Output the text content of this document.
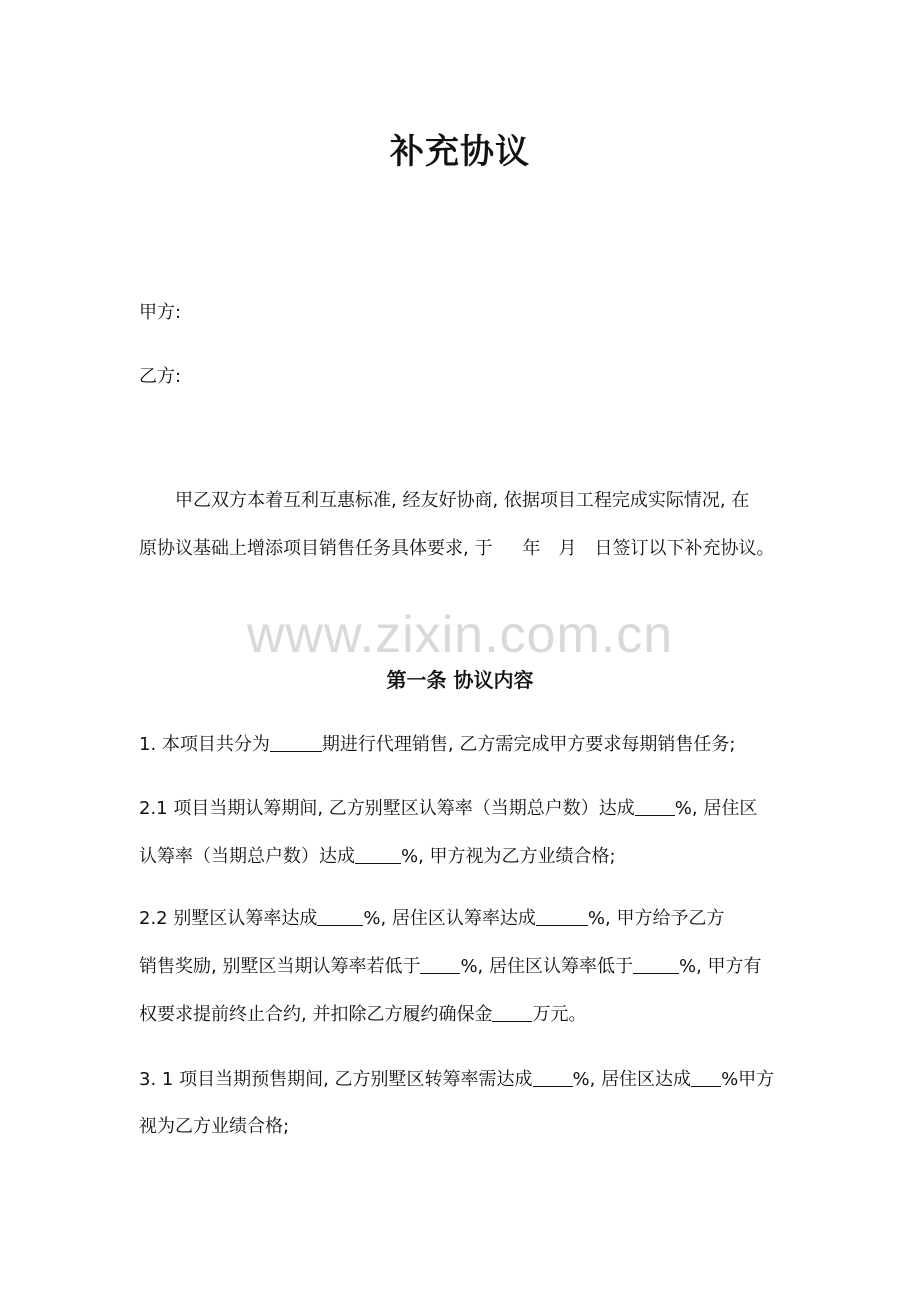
补充协议
甲方:
乙方:
甲乙双方本着互利互惠标准, 经友好协商, 依据项目工程完成实际情况, 在
原协议基础上增添项目销售任务具体要求, 于 年 月 日签订以下补充协议。
www.zixin.com.cn
第一条 协议内容
1. 本项目共分为	期进行代理销售, 乙方需完成甲方要求每期销售任务;
2.1 项目当期认筹期间, 乙方别墅区认筹率（当期总户数）达成 %, 居住区
认筹率（当期总户数）达成	%, 甲方视为乙方业绩合格;
2.2 别墅区认筹率达成	%, 居住区认筹率达成	%, 甲方给予乙方
销售奖励, 别墅区当期认筹率若低于 %, 居住区认筹率低于	%, 甲方有
权要求提前终止合约, 并扣除乙方履约确保金 万元。
3. 1 项目当期预售期间, 乙方别墅区转筹率需达成 %, 居住区达成 %甲方
视为乙方业绩合格;
